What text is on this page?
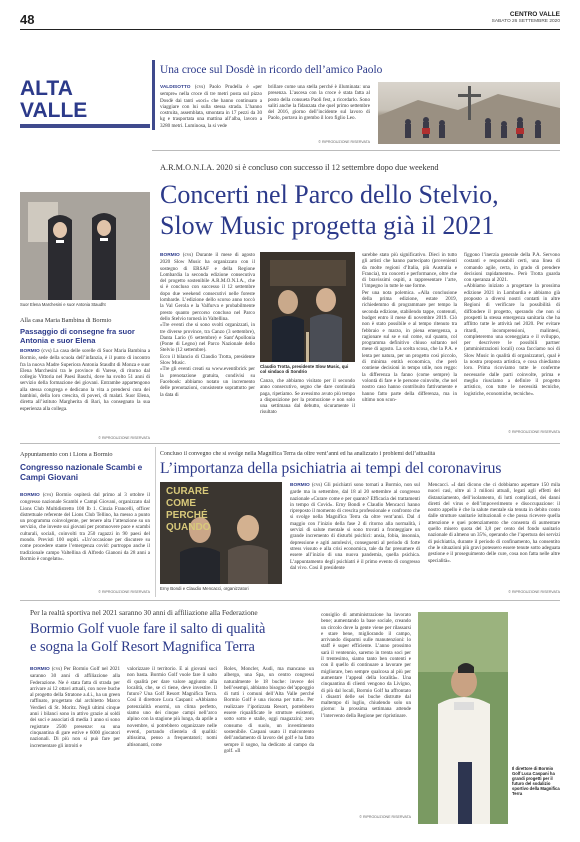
48	CENTRO VALLE
SABATO 26 SETTEMBRE 2020
ALTA
VALLE
Una croce sul Dosdè in ricordo dell’amico Paolo
VALDISOTTO (cvs) Paolo Prudella è «per sempre» nella croce di tre metri posta sul pizzo Dosdè dai tanti «soci» che hanno continuato a viaggiare con lui sulla stessa strada. L’hanno costruita, assemblata, smontata in 17 pezzi da 30 kg e trasportata una mattina all’alba, lavoro a 3280 metri. Luminosa, la si vede
brillare come una stella perché è illuminata: una presenza. L’ascesa con la croce è stata fatta al posto della consueta Paoli fest, a ricordarlo. Sono saliti anche la fidanzata che quel primo settembre del 2016, giorno dell’incidente sul lavoro di Paolo, portava in grembo il loro figlio Leo.
© RIPRODUZIONE RISERVATA
Suor Elena Marchesini e suor Antonia Staudht
Alla casa Maria Bambina di Bormio
Passaggio di consegne fra suor Antonia e suor Elena
BORMIO (cvs) La casa delle sorelle di Suor Maria Bambina a Bormio, sede della scuola dell’infanzia, è il punto di incontro fra la nuova Madre Superiora Antonia Staudht di Monza e suor Elena Marchesini tra le province di Varese, di ritorno dal collegio Vittoria nel Paesi Baschi, dove ha svolto 51 anni di servizio della formazione dei giovani. Entrambe appartengono alla stessa congrega e dedicano la vita a prendersi cura dei bambini, della loro crescita, di poveri, di malati. Suor Elena, diretta all’istituto Margherita di Bari, ha consegnato la sua esperienza alla collega.
© RIPRODUZIONE RISERVATA
A.R.M.O.N.I.A. 2020 si è concluso con successo il 12 settembre dopo due weekend
Concerti nel Parco dello Stelvio,
Slow Music progetta già il 2021
BORMIO (cvs) Durante il mese di agosto 2020 Slow Music ha organizzato con il sostegno di ERSAF e della Regione Lombardia la seconda edizione consecutiva del progetto sostenibile A.R.M.O.N.I.A., che si è concluso con successo il 12 settembre dopo due weekend consecutivi nelle foreste lombarde. L’edizione dello scorso anno toccò la Val Gerola e la Valfurva e probabilmente presto quanto percorso concluso nel Parco dello Stelvio tornerà in Valtellina.
«Tre eventi che si sono svolti organizzati, in tre diverse province, tra Canzo (3 settembre), Danta Lario (6 settembre) e Sant’Apollonia (Ponte di Legno) nel Parco Nazionale dello Stelvio (12 settembre).
Ecco il bilancio di Claudio Trotta, presidente Slow Music.
«Tre gli eventi creati su www.eventibrick per la prenotazione gratuita, condivisi su Facebook: abbiamo notato un incremento delle prenotazioni, consistente soprattutto per la data di
Claudio Trotta, presidente Slow Music, qui col sindaco di Sondrio
Canzo, che abbiamo visitato per il secondo anno consecutivo, segno che dare continuità paga, ripetiamo. Se avessimo avuto più tempo a disposizione per la promozione e non solo una settimana dal debutto, sicuramente il risultato
sarebbe stato più significativo. Dieci in tutto gli artisti che hanno partecipato (provenienti da molte regioni d’Italia, più Australia e Francia), tra concerti e performance, oltre che di bravissimi ospiti, a rappresentare l’arte, l’impegno in tutte le sue forme.
Per una nota polemica. «Alla conclusione della prima edizione, estate 2019, richiedemmo di programmare per tempo la seconda edizione, stabilendo tappe, contenuti, budget entro il mese di novembre 2019. Ciò non è stato possibile e al tempo ritenuto tra febbraio e marzo, in piena emergenza, a ragionare sul se e sul come, sul quanto, col programma definitivo chiuso soltanto nel mese di agosto. La scelta scosa, che la P.A. e lenta per natura, per un progetto così piccolo, di minima entità economica, che però contiene decisioni in tempo utile, non reggo: la differenza la fanno (come sempre) la volontà di fare e le persone coinvolte, che nel nostro caso hanno contribuito fattivamente e hanno fatto parte della differenza, ma in ultimo non scon-
figgono l’inerzia generale della P.A. Servono costanti e responsabili certi, una linea di comando agile, certa, in grado di prendere decisioni rapidamente». Però Trotta guarda con speranza al 2021.
«Abbiamo iniziato a progettare la prossima edizione 2021 in Lombardia e abbiamo già proposto a diversi nostri contatti in altre Regioni di verificare la possibilità di diffondere il progetto, sperando che non si prospetti la stessa emergenza sanitaria che ha afflitto tutte le attività nel 2020. Per evitare ritardi, incomprensioni, malintesi, completeremo una sceneggiata e il sviluppo, per descrivere le possibili partner (amministrazioni locali) cosa facciamo noi di Slow Music in qualità di organizzatori, qual è la nostra proposta artistica, e cosa chiediamo loro. Prima ricoviamo tutte le conferme necessarie dalle parti coinvolte, prima e meglio riusciamo a definire il progetto artistico, con tutte le necessità tecniche, logistiche, economiche, tecniche».
© RIPRODUZIONE RISERVATA
Appuntamento con i Lions a Bormio
Congresso nazionale Scambi e Campi Giovani
BORMIO (cvs) Bormio ospiterà dal primo al 3 ottobre il congresso nazionale Scambi e Campi Giovani, organizzato dal Lions Club Multidistretto 108 Ib 1. Cinzia Francelli, officer distrettuale referente del Lions Club Tellino, ha messo a punto un programma coinvolgente, per tenere alta l’attenzione su un servizio, che investe sui giovani per promuovere pace e scambi culturali, sociali, coinvolti tra 250 ragazzi in 90 paesi del mondo. Previsti 100 ospiti. «Un’occasione per discutere su come procedere stante l’emergenza covid: purtroppo anche il tradizionale campo Valtellina di Alfredo Gianoni da 28 anni a Bormio è congelato».
© RIPRODUZIONE RISERVATA
Concluso il convegno che si svolge nella Magnifica Terra da oltre vent’anni ed ha analizzato i problemi dell’attualità
L’importanza della psichiatria ai tempi del coronavirus
CURARE
COME
PERCHÉ
QUANDO
Erny Bondi e Claudio Mencacci, organizzatori
BORMIO (cvs) Gli psichiatri sono tornati a Bormio, non sul garde ma in settembre, dal 18 al 20 settembre al congresso nazionale «Curare come e per quanto? Efficacia dei trattamenti in tempo di Covid». Erny Bondi e Claudio Mencacci hanno ripreposto il momento di crescita professionale e confronto che si svolge nella Magnifica Terra da oltre vent’anni. Dal 4 maggio con l’inizio della fase 2 di ritorno alla normalità, i servizi di salute mentale si sono trovati a fronteggiare un grande incremento di disturbi psichici: ansia, fobia, insonnia, depressione e agiti autolesivi, conseguenti al periodo di forte stress vissuto e alla crisi economica, tale da far presumere di essere all’inizio di una nuova pandemia, quella psichica. L’appuntamento degli psichiatri è il primo evento di congresso dal vivo. Così il presidente
Mencacci. «I dati dicono che ci dobbiamo aspettare 150 mila nuovi casi, oltre ai 3 milioni attuali, legati agli effetti del distanziamento, dell’isolamento, di lutti complicati, dei danni diretti del virus e dell’impoverimento e disoccupazione: il nostro appello è che la salute mentale sia tenuta in debito conto dalle strutture sanitarie istituzionali e che possa ricevere quella attenzione e quei potenziamento che consenta di aumentare quello misero quota del 3,8 per cento del fondo sanitario nazionale di almeno un 35%, operando che l’apertura dei servizi di psichiatria, durante il periodo di confinamento, ha consentito che le situazioni più gravi potessero essere tenute sotto adeguata gestione e il proseguimento delle cure, cosa non fatta nelle altre specialità».
© RIPRODUZIONE RISERVATA
Per la realtà sportiva nel 2021 saranno 30 anni di affiliazione alla Federazione
Bormio Golf vuole fare il salto di qualità
e sogna la Golf Resort Magnifica Terra
BORMIO (cvs) Per Bormio Golf nel 2021 saranno 30 anni di affiliazione alla Federazione. Ne è stata fatta di strada per arrivare ai 12 ottavi attuali, con nove buche al progetto della Stratone a.d.i., ha un green raffinato, progettato dal architetto Marco Verdieri di St. Moritz. Negli ultimi cinque anni i bilanci sono in attivo grazie ai soldi dei soci e associati di media 1 anno si sono registrate 2500 presenze: su una cinquantina di gare estive e 6000 giocatori nazionali. Di più non si può fare per incrementare gli introiti e
valorizzare il territorio. E ai giovani soci non basta. Bormio Golf vuole fare il salto di qualità per dare valore aggiunto alla località, che, se ci tiene, deve investire. Il futuro? Una Golf Resort Magnifica Terra. Così il direttore Luca Caspani: «Abbiamo potenzialità enormi, un clima perfetto, siamo uno dei cinque campi nell’arco alpino con la stagione più lunga, da aprile a novembre, si potrebbero organizzare nelle eventi, portando clientela di qualità: altissima, penso a frequentatori; nomi altisonanti, come
Rolex, Moncler, Audi, ma mancano un albergo, una Spa, un centro congressi naturalmente le 18 buche: invece dei bell’esempi, abbiamo bisogno del’appoggio di tutti i comuni dell’Alta Valle perché Bormio Golf è una risorsa per tutti». Per realizzare l’ipotizzata Resort, potrebbero essere riqualificate le strutture esistenti, sotto sotto e stalle, oggi magazzini; zero consumo di suolo, un investimento sostenibile. Caspani usato il malcontento dell’andamento di lavoro del golf e ha fatto sempre il sogno, ha dedicato al campo da golf. «Il
consiglio di amministrazione ha lavorato bene; aumentando la base sociale, creando un circolo dove la gente viene per rilassarsi e stare bene, migliorando il campo, arrivando disparmi sulle manutenzioni: lo staff è super efficiente. L’anno prossimo sarà il ventennio, saremo in trenta soci per il trentesimo, siamo tanto ben contenti e con il quello di continuare a lavorare per migliorare, ben sempre qualcosa al più per aumentare l’appeal della località». Una cinquantina di clienti vengono da Livigno, di più dal locali, Bormio Golf ha affrontato i disastri delle sei buche distrutte dal maltempo di luglio, chiudendo solo un giorno: la prossima settimana attende l’intervento della Regione per ripristinare.
© RIPRODUZIONE RISERVATA
Il direttore di Bormio Golf Luca Caspani ha grandi progetti per il futuro del sodalizio sportivo della Magnifica Terra
